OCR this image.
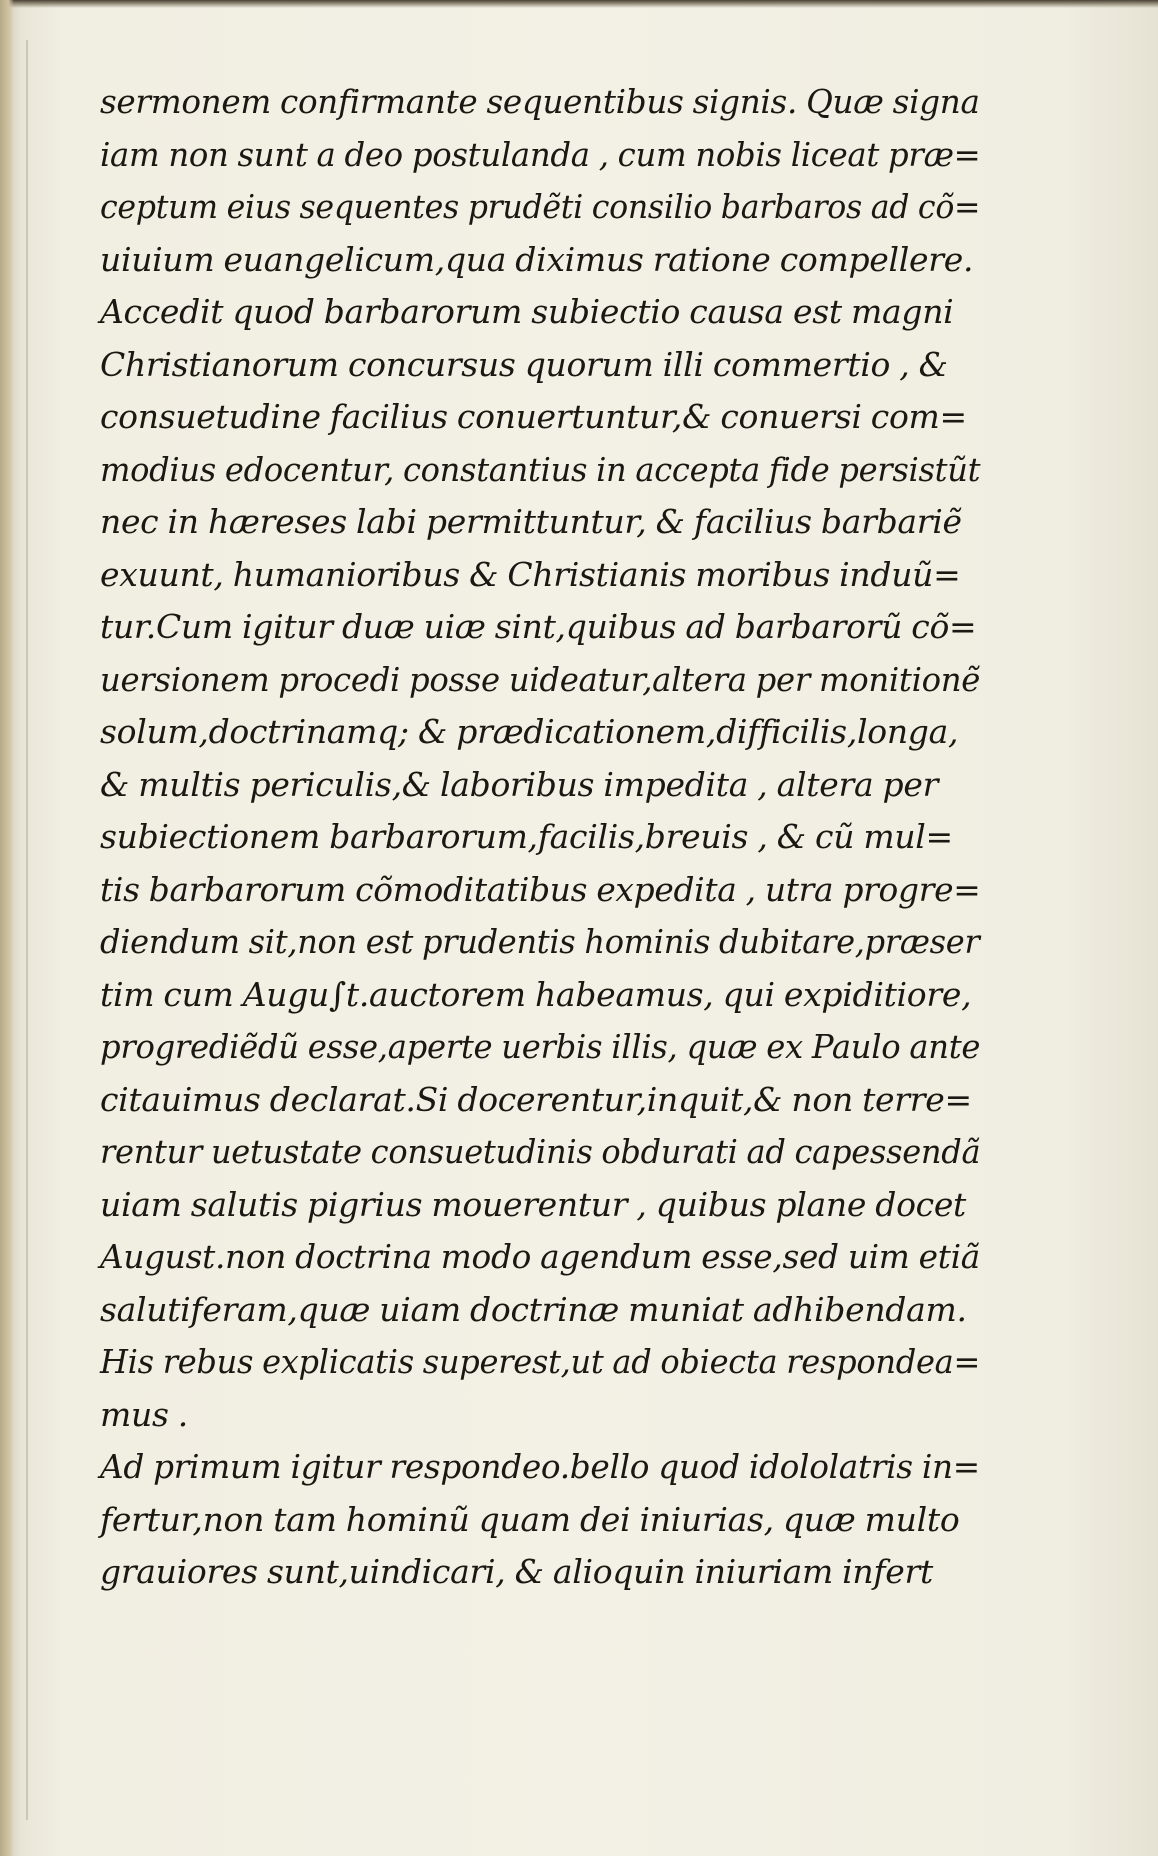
sermonem confirmante sequentibus signis. Quæ signa
iam non sunt a deo postulanda , cum nobis liceat præ=
ceptum eius sequentes prudẽti consilio barbaros ad cõ=
uiuium euangelicum,qua diximus ratione compellere.
Accedit quod barbarorum subiectio causa est magni
Christianorum concursus quorum illi commertio , &
consuetudine facilius conuertuntur,& conuersi com=
modius edocentur, constantius in accepta fide persistũt
nec in hæreses labi permittuntur, & facilius barbariẽ
exuunt, humanioribus & Christianis moribus induũ=
tur.Cum igitur duæ uiæ sint,quibus ad barbarorũ cõ=
uersionem procedi posse uideatur,altera per monitionẽ
solum,doctrinamq; & prædicationem,difficilis,longa,
& multis periculis,& laboribus impedita , altera per
subiectionem barbarorum,facilis,breuis , & cũ mul=
tis barbarorum cõmoditatibus expedita , utra progre=
diendum sit,non est prudentis hominis dubitare,præser
tim cum Augu∫t.auctorem habeamus, qui expiditiore,
progrediẽdũ esse,aperte uerbis illis, quæ ex Paulo ante
citauimus declarat.Si docerentur,inquit,& non terre=
rentur uetustate consuetudinis obdurati ad capessendã
uiam salutis pigrius mouerentur , quibus plane docet
August.non doctrina modo agendum esse,sed uim etiã
salutiferam,quæ uiam doctrinæ muniat adhibendam.
His rebus explicatis superest,ut ad obiecta respondea=
mus .
Ad primum igitur respondeo.bello quod idololatris in=
fertur,non tam hominũ quam dei iniurias, quæ multo
grauiores sunt,uindicari, & alioquin iniuriam infert
